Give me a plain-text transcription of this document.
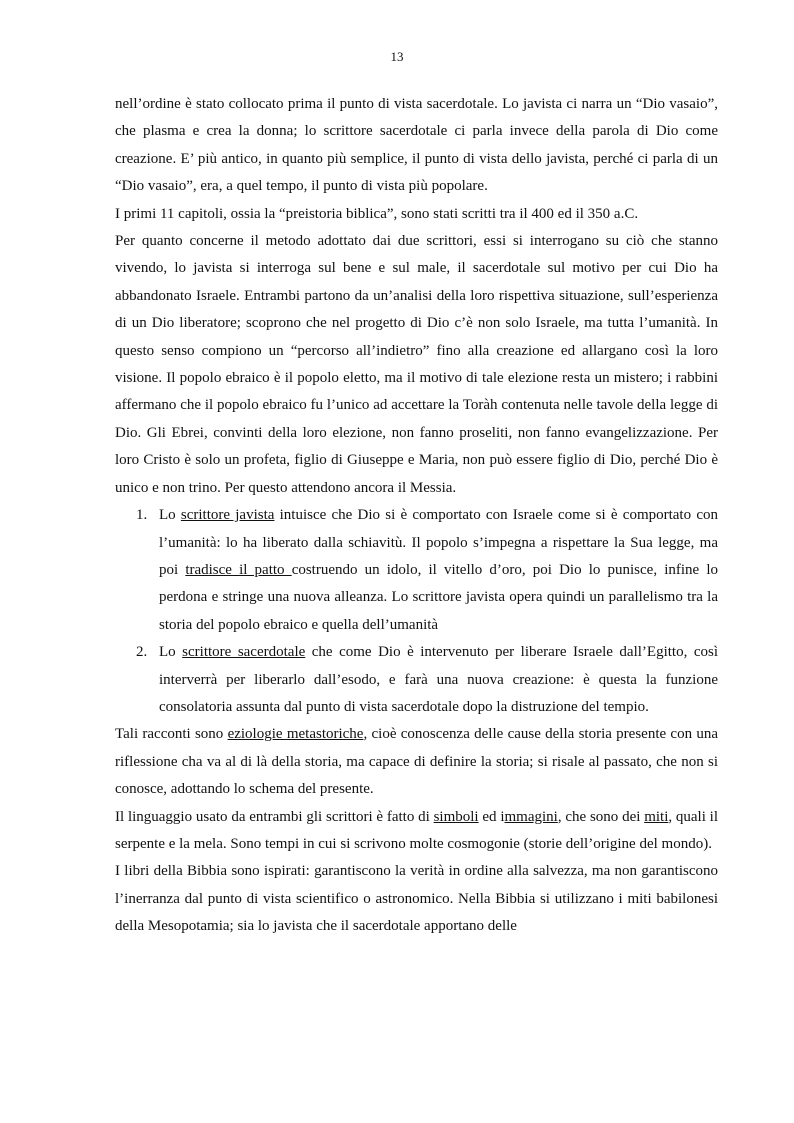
13

nell’ordine è stato collocato prima il punto di vista sacerdotale. Lo javista ci narra un “Dio vasaio”, che plasma e crea la donna; lo scrittore sacerdotale ci parla invece della parola di Dio come creazione. E’ più antico, in quanto più semplice, il punto di vista dello javista, perché ci parla di un “Dio vasaio”, era, a quel tempo, il punto di vista più popolare.

I primi 11 capitoli, ossia la “preistoria biblica”, sono stati scritti tra il 400 ed il 350 a.C.

Per quanto concerne il metodo adottato dai due scrittori, essi si interrogano su ciò che stanno vivendo, lo javista si interroga sul bene e sul male, il sacerdotale sul motivo per cui Dio ha abbandonato Israele. Entrambi partono da un’analisi della loro rispettiva situazione, sull’esperienza di un Dio liberatore; scoprono che nel progetto di Dio c’è non solo Israele, ma tutta l’umanità. In questo senso compiono un “percorso all’indietro” fino alla creazione ed allargano così la loro visione. Il popolo ebraico è il popolo eletto, ma il motivo di tale elezione resta un mistero; i rabbini affermano che il popolo ebraico fu l’unico ad accettare la Toràh contenuta nelle tavole della legge di Dio. Gli Ebrei, convinti della loro elezione, non fanno proseliti, non fanno evangelizzazione. Per loro Cristo è solo un profeta, figlio di Giuseppe e Maria, non può essere figlio di Dio, perché Dio è unico e non trino. Per questo attendono ancora il Messia.

1. Lo scrittore javista intuisce che Dio si è comportato con Israele come si è comportato con l’umanità: lo ha liberato dalla schiavitù. Il popolo s’impegna a rispettare la Sua legge, ma poi tradisce il patto costruendo un idolo, il vitello d’oro, poi Dio lo punisce, infine lo perdona e stringe una nuova alleanza. Lo scrittore javista opera quindi un parallelismo tra la storia del popolo ebraico e quella dell’umanità
2. Lo scrittore sacerdotale che come Dio è intervenuto per liberare Israele dall’Egitto, così interverrà per liberarlo dall’esodo, e farà una nuova creazione: è questa la funzione consolatoria assunta dal punto di vista sacerdotale dopo la distruzione del tempio.

Tali racconti sono eziologie metastoriche, cioè conoscenza delle cause della storia presente con una riflessione cha va al di là della storia, ma capace di definire la storia; si risale al passato, che non si conosce, adottando lo schema del presente.

Il linguaggio usato da entrambi gli scrittori è fatto di simboli ed immagini, che sono dei miti, quali il serpente e la mela. Sono tempi in cui si scrivono molte cosmogonie (storie dell’origine del mondo).

I libri della Bibbia sono ispirati: garantiscono la verità in ordine alla salvezza, ma non garantiscono l’inerranza dal punto di vista scientifico o astronomico. Nella Bibbia si utilizzano i miti babilonesi della Mesopotamia; sia lo javista che il sacerdotale apportano delle
